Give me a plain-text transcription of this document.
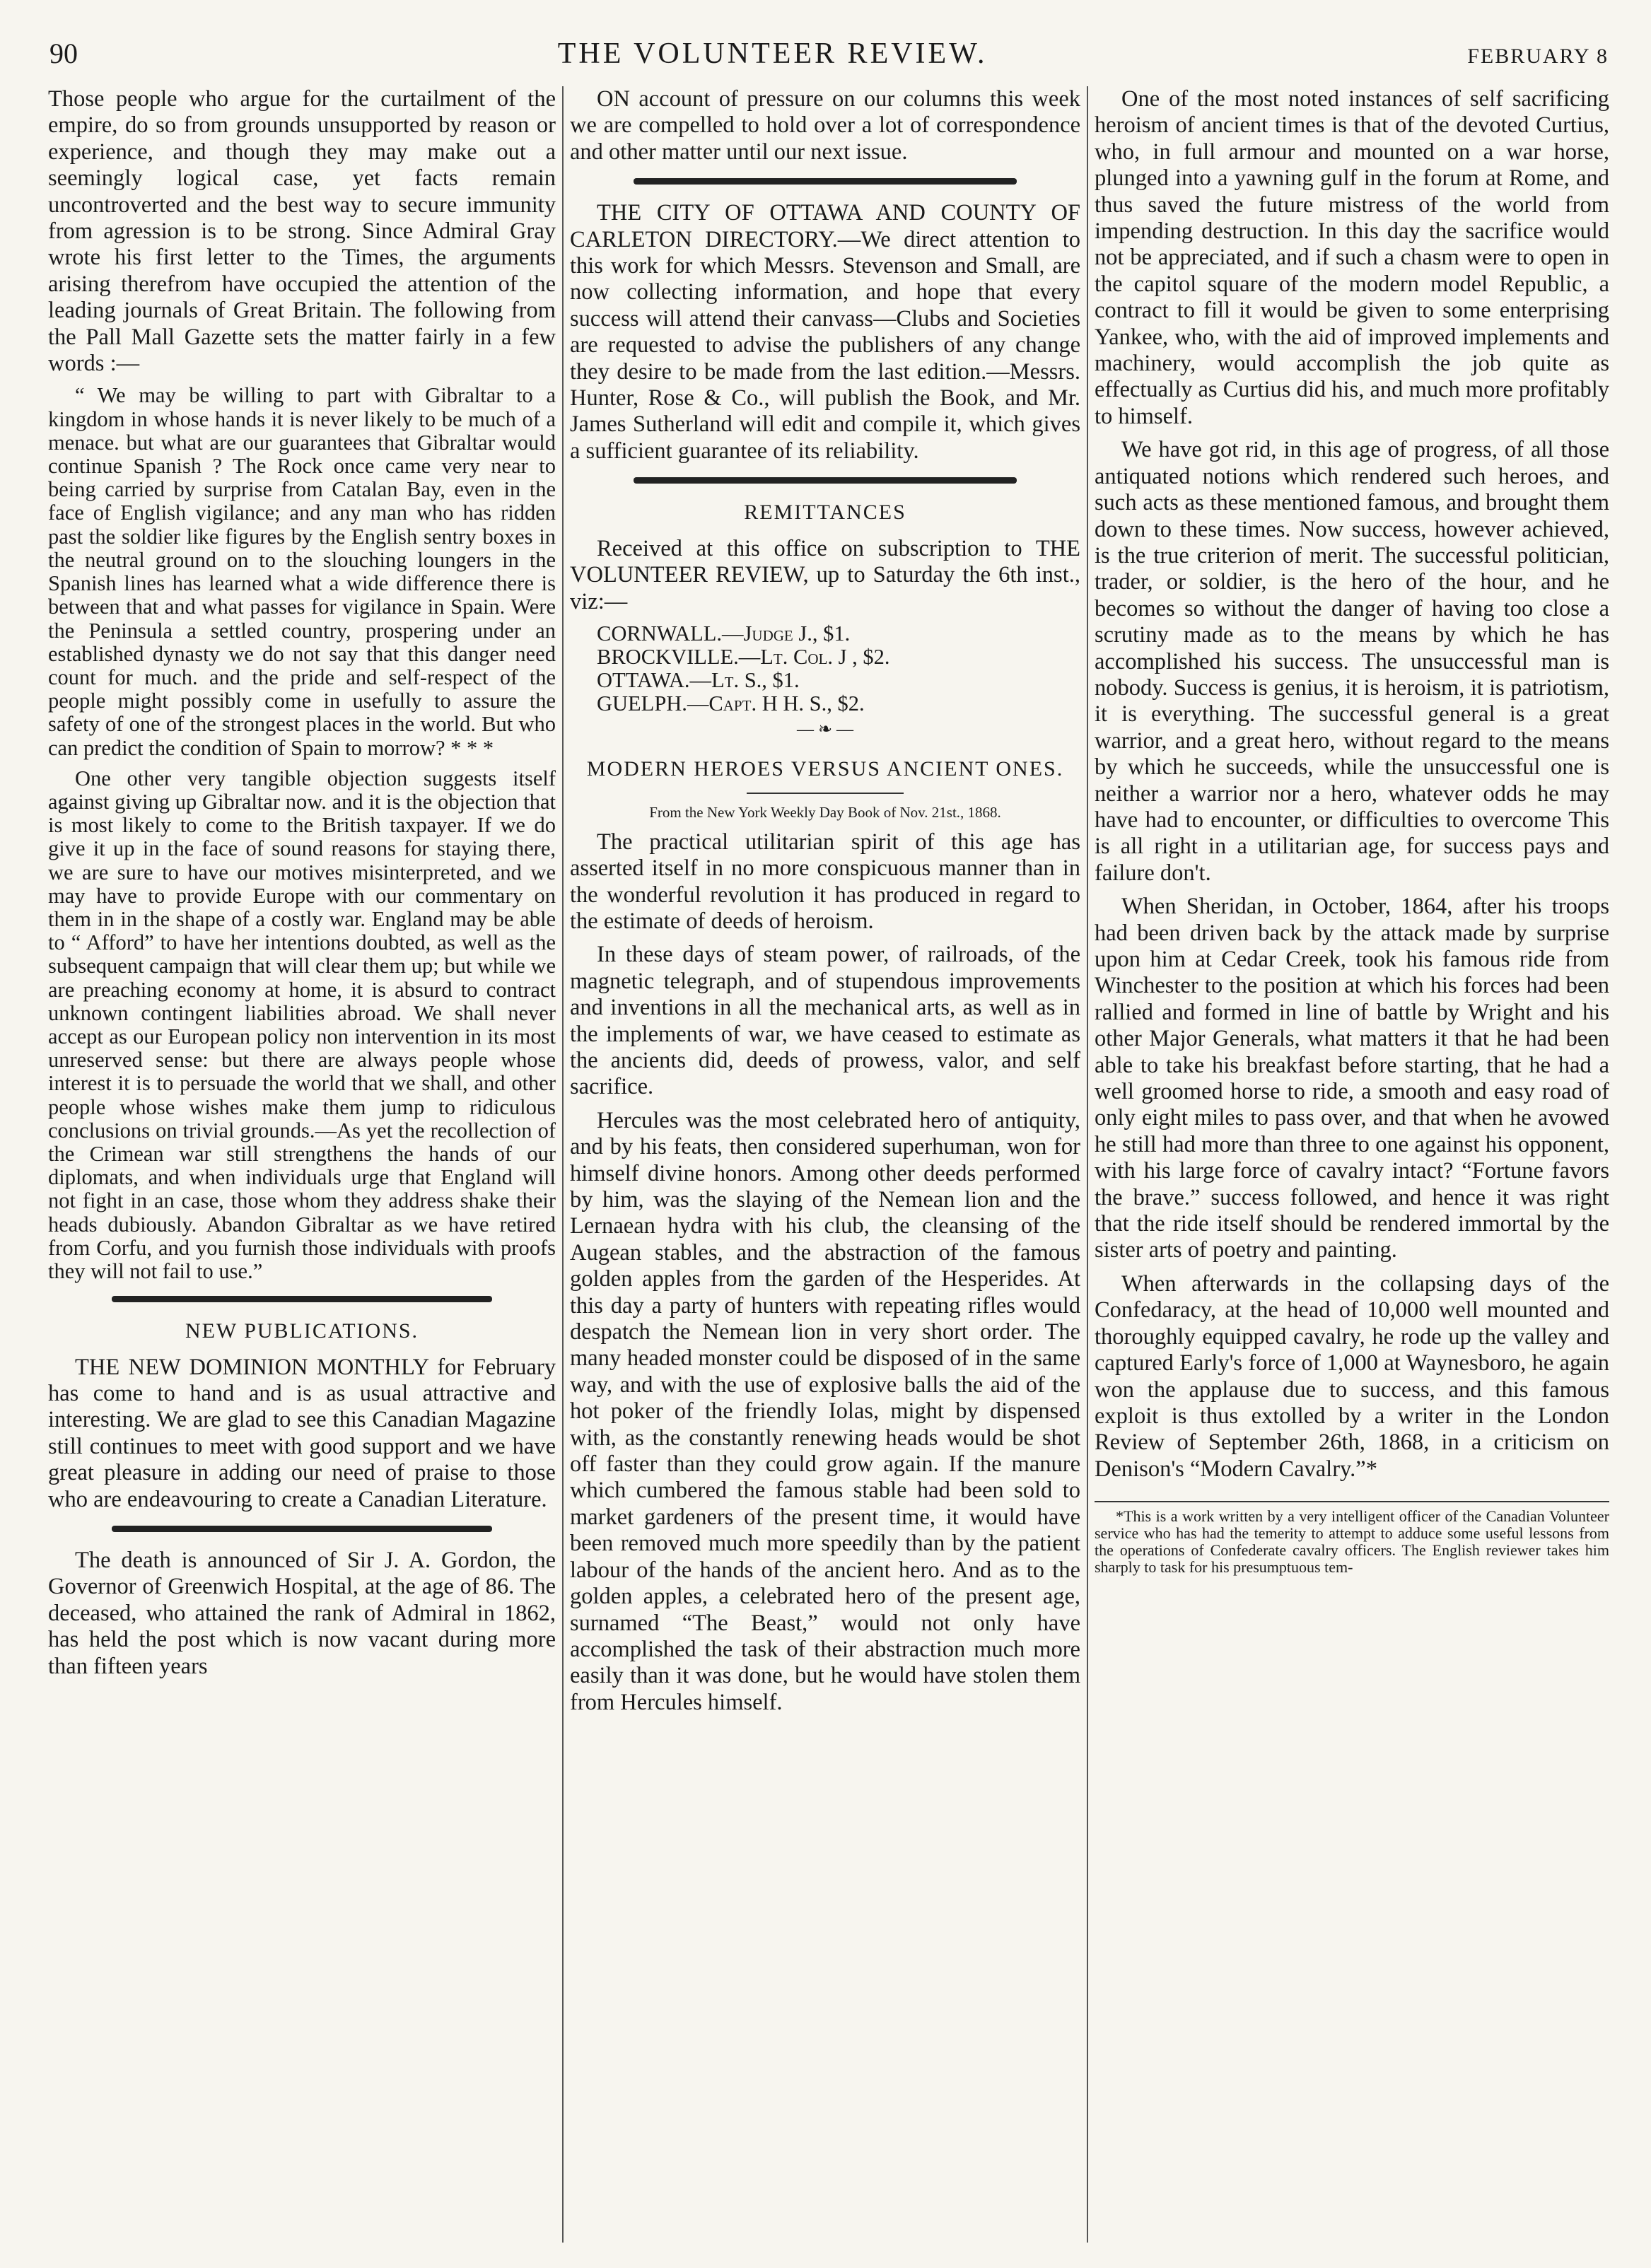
90	THE VOLUNTEER REVIEW.	FEBRUARY 8

Those people who argue for the curtailment of the empire, do so from grounds unsupported by reason or experience, and though they may make out a seemingly logical case, yet facts remain uncontroverted and the best way to secure immunity from agression is to be strong. Since Admiral Gray wrote his first letter to the Times, the arguments arising therefrom have occupied the attention of the leading journals of Great Britain. The following from the Pall Mall Gazette sets the matter fairly in a few words :—

“ We may be willing to part with Gibraltar to a kingdom in whose hands it is never likely to be much of a menace. but what are our guarantees that Gibraltar would continue Spanish ? The Rock once came very near to being carried by surprise from Catalan Bay, even in the face of English vigilance; and any man who has ridden past the soldier like figures by the English sentry boxes in the neutral ground on to the slouching loungers in the Spanish lines has learned what a wide difference there is between that and what passes for vigilance in Spain. Were the Peninsula a settled country, prospering under an established dynasty we do not say that this danger need count for much. and the pride and self-respect of the people might possibly come in usefully to assure the safety of one of the strongest places in the world. But who can predict the condition of Spain to morrow? * * *

One other very tangible objection suggests itself against giving up Gibraltar now. and it is the objection that is most likely to come to the British taxpayer. If we do give it up in the face of sound reasons for staying there, we are sure to have our motives misinterpreted, and we may have to provide Europe with our commentary on them in in the shape of a costly war. England may be able to “ Afford” to have her intentions doubted, as well as the subsequent campaign that will clear them up; but while we are preaching economy at home, it is absurd to contract unknown contingent liabilities abroad. We shall never accept as our European policy non intervention in its most unreserved sense: but there are always people whose interest it is to persuade the world that we shall, and other people whose wishes make them jump to ridiculous conclusions on trivial grounds.—As yet the recollection of the Crimean war still strengthens the hands of our diplomats, and when individuals urge that England will not fight in an case, those whom they address shake their heads dubiously. Abandon Gibraltar as we have retired from Corfu, and you furnish those individuals with proofs they will not fail to use.”

NEW PUBLICATIONS.

THE NEW DOMINION MONTHLY for February has come to hand and is as usual attractive and interesting. We are glad to see this Canadian Magazine still continues to meet with good support and we have great pleasure in adding our need of praise to those who are endeavouring to create a Canadian Literature.

The death is announced of Sir J. A. Gordon, the Governor of Greenwich Hospital, at the age of 86. The deceased, who attained the rank of Admiral in 1862, has held the post which is now vacant during more than fifteen years

ON account of pressure on our columns this week we are compelled to hold over a lot of correspondence and other matter until our next issue.

THE CITY OF OTTAWA AND COUNTY OF CARLETON DIRECTORY.—We direct attention to this work for which Messrs. Stevenson and Small, are now collecting information, and hope that every success will attend their canvass—Clubs and Societies are requested to advise the publishers of any change they desire to be made from the last edition.—Messrs. Hunter, Rose & Co., will publish the Book, and Mr. James Sutherland will edit and compile it, which gives a sufficient guarantee of its reliability.

REMITTANCES

Received at this office on subscription to THE VOLUNTEER REVIEW, up to Saturday the 6th inst., viz:—

CORNWALL.—Judge J., $1.
BROCKVILLE.—Lt. Col. J , $2.
OTTAWA.—Lt. S., $1.
GUELPH.—Capt. H H. S., $2.
— ❧ —
MODERN HEROES VERSUS ANCIENT ONES.
From the New York Weekly Day Book of Nov. 21st., 1868.

The practical utilitarian spirit of this age has asserted itself in no more conspicuous manner than in the wonderful revolution it has produced in regard to the estimate of deeds of heroism.

In these days of steam power, of railroads, of the magnetic telegraph, and of stupendous improvements and inventions in all the mechanical arts, as well as in the implements of war, we have ceased to estimate as the ancients did, deeds of prowess, valor, and self sacrifice.

Hercules was the most celebrated hero of antiquity, and by his feats, then considered superhuman, won for himself divine honors. Among other deeds performed by him, was the slaying of the Nemean lion and the Lernaean hydra with his club, the cleansing of the Augean stables, and the abstraction of the famous golden apples from the garden of the Hesperides. At this day a party of hunters with repeating rifles would despatch the Nemean lion in very short order. The many headed monster could be disposed of in the same way, and with the use of explosive balls the aid of the hot poker of the friendly Iolas, might by dispensed with, as the constantly renewing heads would be shot off faster than they could grow again. If the manure which cumbered the famous stable had been sold to market gardeners of the present time, it would have been removed much more speedily than by the patient labour of the hands of the ancient hero. And as to the golden apples, a celebrated hero of the present age, surnamed “The Beast,” would not only have accomplished the task of their abstraction much more easily than it was done, but he would have stolen them from Hercules himself.

One of the most noted instances of self sacrificing heroism of ancient times is that of the devoted Curtius, who, in full armour and mounted on a war horse, plunged into a yawning gulf in the forum at Rome, and thus saved the future mistress of the world from impending destruction. In this day the sacrifice would not be appreciated, and if such a chasm were to open in the capitol square of the modern model Republic, a contract to fill it would be given to some enterprising Yankee, who, with the aid of improved implements and machinery, would accomplish the job quite as effectually as Curtius did his, and much more profitably to himself.

We have got rid, in this age of progress, of all those antiquated notions which rendered such heroes, and such acts as these mentioned famous, and brought them down to these times. Now success, however achieved, is the true criterion of merit. The successful politician, trader, or soldier, is the hero of the hour, and he becomes so without the danger of having too close a scrutiny made as to the means by which he has accomplished his success. The unsuccessful man is nobody. Success is genius, it is heroism, it is patriotism, it is everything. The successful general is a great warrior, and a great hero, without regard to the means by which he succeeds, while the unsuccessful one is neither a warrior nor a hero, whatever odds he may have had to encounter, or difficulties to overcome This is all right in a utilitarian age, for success pays and failure don't.

When Sheridan, in October, 1864, after his troops had been driven back by the attack made by surprise upon him at Cedar Creek, took his famous ride from Winchester to the position at which his forces had been rallied and formed in line of battle by Wright and his other Major Generals, what matters it that he had been able to take his breakfast before starting, that he had a well groomed horse to ride, a smooth and easy road of only eight miles to pass over, and that when he avowed he still had more than three to one against his opponent, with his large force of cavalry intact? “Fortune favors the brave.” success followed, and hence it was right that the ride itself should be rendered immortal by the sister arts of poetry and painting.

When afterwards in the collapsing days of the Confedaracy, at the head of 10,000 well mounted and thoroughly equipped cavalry, he rode up the valley and captured Early's force of 1,000 at Waynesboro, he again won the applause due to success, and this famous exploit is thus extolled by a writer in the London Review of September 26th, 1868, in a criticism on Denison's “Modern Cavalry.”*

*This is a work written by a very intelligent officer of the Canadian Volunteer service who has had the temerity to attempt to adduce some useful lessons from the operations of Confederate cavalry officers. The English reviewer takes him sharply to task for his presumptuous tem-
